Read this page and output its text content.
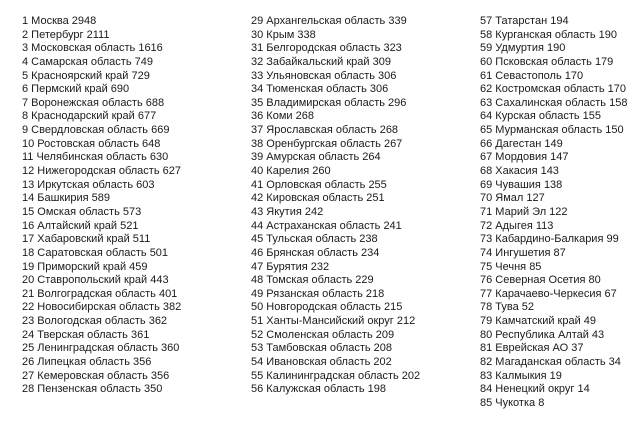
1 Москва 2948
2 Петербург 2111
3 Московская область 1616
4 Самарская область 749
5 Красноярский край 729
6 Пермский край 690
7 Воронежская область 688
8 Краснодарский край 677
9 Свердловская область 669
10 Ростовская область 648
11 Челябинская область 630
12 Нижегородская область 627
13 Иркутская область 603
14 Башкирия 589
15 Омская область 573
16 Алтайский край 521
17 Хабаровский край 511
18 Саратовская область 501
19 Приморский край 459
20 Ставропольский край 443
21 Волгоградская область 401
22 Новосибирская область 382
23 Вологодская область 362
24 Тверская область 361
25 Ленинградская область 360
26 Липецкая область 356
27 Кемеровская область 356
28 Пензенская область 350
29 Архангельская область 339
30 Крым 338
31 Белгородская область 323
32 Забайкальский край 309
33 Ульяновская область 306
34 Тюменская область 306
35 Владимирская область 296
36 Коми 268
37 Ярославская область 268
38 Оренбургская область 267
39 Амурская область 264
40 Карелия 260
41 Орловская область 255
42 Кировская область 251
43 Якутия 242
44 Астраханская область 241
45 Тульская область 238
46 Брянская область 234
47 Бурятия 232
48 Томская область 229
49 Рязанская область 218
50 Новгородская область 215
51 Ханты-Мансийский округ 212
52 Смоленская область 209
53 Тамбовская область 208
54 Ивановская область 202
55 Калининградская область 202
56 Калужская область 198
57 Татарстан 194
58 Курганская область 190
59 Удмуртия 190
60 Псковская область 179
61 Севастополь 170
62 Костромская область 170
63 Сахалинская область 158
64 Курская область 155
65 Мурманская область 150
66 Дагестан 149
67 Мордовия 147
68 Хакасия 143
69 Чувашия 138
70 Ямал 127
71 Марий Эл 122
72 Адыгея 113
73 Кабардино-Балкария 99
74 Ингушетия 87
75 Чечня 85
76 Северная Осетия 80
77 Карачаево-Черкесия 67
78 Тува 52
79 Камчатский край 49
80 Республика Алтай 43
81 Еврейская АО 37
82 Магаданская область 34
83 Калмыкия 19
84 Ненецкий округ 14
85 Чукотка 8
